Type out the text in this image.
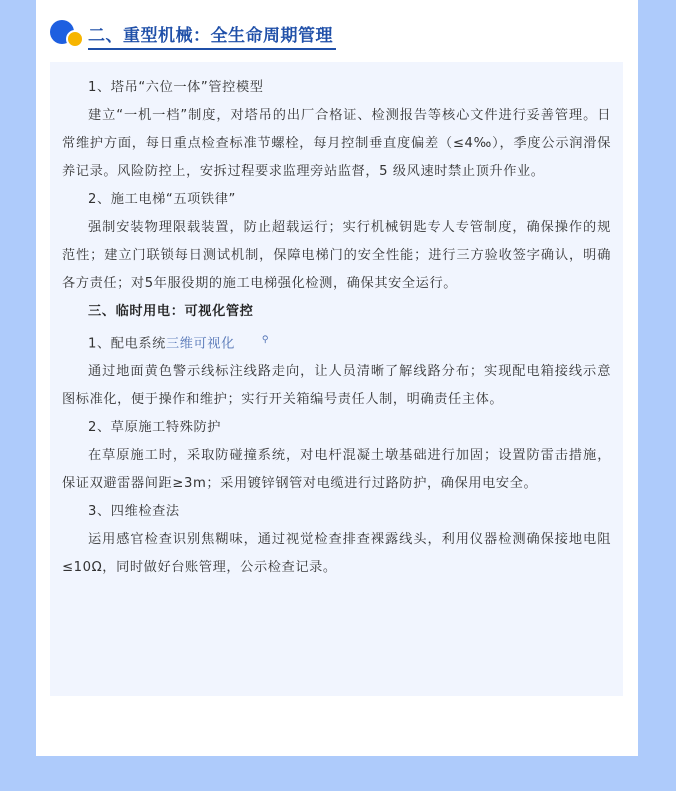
二、重型机械：全生命周期管理

1、塔吊“六位一体”管控模型

建立“一机一档”制度，对塔吊的出厂合格证、检测报告等核心文件进行妥善管理。日常维护方面，每日重点检查标准节螺栓，每月控制垂直度偏差（≤4‰），季度公示润滑保养记录。风险防控上，安拆过程要求监理旁站监督，5 级风速时禁止顶升作业。

2、施工电梯“五项铁律”

强制安装物理限载装置，防止超载运行；实行机械钥匙专人专管制度，确保操作的规范性；建立门联锁每日测试机制，保障电梯门的安全性能；进行三方验收签字确认，明确各方责任；对5年服役期的施工电梯强化检测，确保其安全运行。

三、临时用电：可视化管控

1、配电系统三维可视化	⚲

通过地面黄色警示线标注线路走向，让人员清晰了解线路分布；实现配电箱接线示意图标准化，便于操作和维护；实行开关箱编号责任人制，明确责任主体。

2、草原施工特殊防护

在草原施工时，采取防碰撞系统，对电杆混凝土墩基础进行加固；设置防雷击措施，保证双避雷器间距≥3m；采用镀锌钢管对电缆进行过路防护，确保用电安全。

3、四维检查法

运用感官检查识别焦糊味，通过视觉检查排查裸露线头，利用仪器检测确保接地电阻≤10Ω，同时做好台账管理，公示检查记录。
